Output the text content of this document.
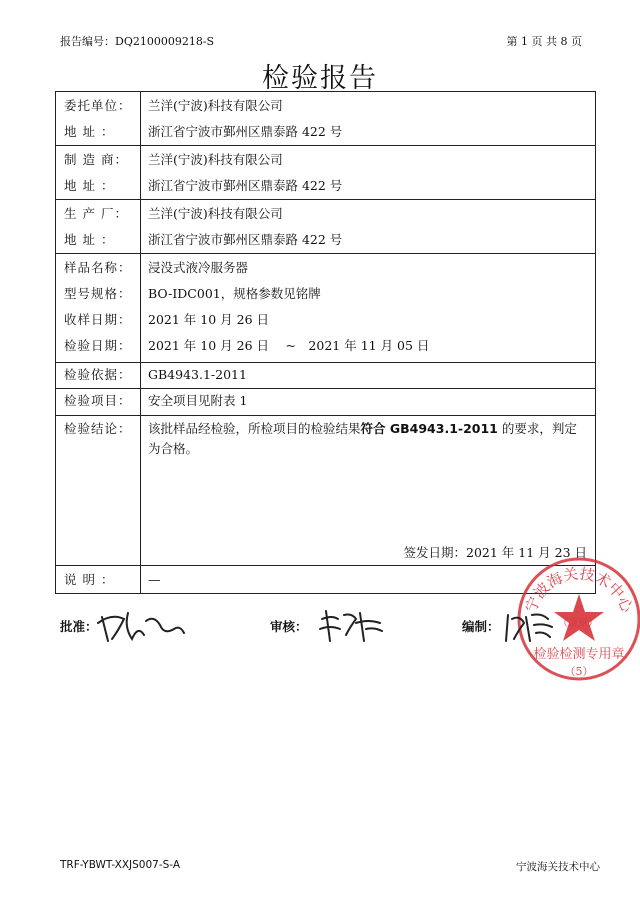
报告编号：DQ2100009218-S	第 1 页 共 8 页
检验报告
委托单位： 兰洋(宁波)科技有限公司
地 址 ：	浙江省宁波市鄞州区鼎泰路 422 号
制 造 商：	兰洋(宁波)科技有限公司
地 址 ：	浙江省宁波市鄞州区鼎泰路 422 号
生 产 厂：	兰洋(宁波)科技有限公司
地 址 ：	浙江省宁波市鄞州区鼎泰路 422 号
样品名称： 浸没式液冷服务器
型号规格： BO-IDC001，规格参数见铭牌
收样日期： 2021 年 10 月 26 日
检验日期： 2021 年 10 月 26 日　 ~　2021 年 11 月 05 日
检验依据： GB4943.1-2011
检验项目： 安全项目见附表 1
检验结论： 该批样品经检验，所检项目的检验结果符合 GB4943.1-2011 的要求，判定为合格。
宁波海关技术中心
（盖章）
检验检测专用章
（5）
签发日期：2021 年 11 月 23 日
说 明 ：	—
批准：	审核：	编制：
TRF-YBWT-XXJS007-S-A	宁波海关技术中心
